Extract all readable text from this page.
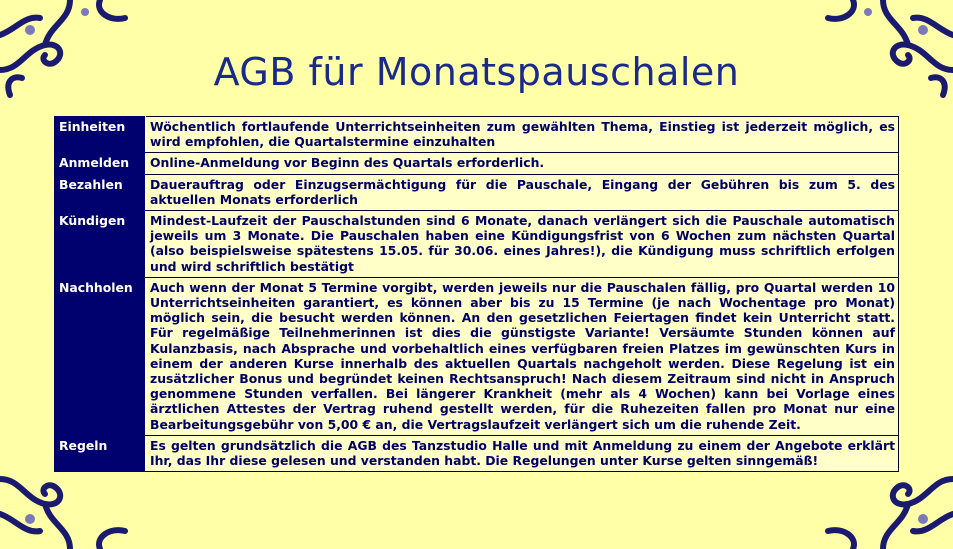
AGB für Monatspauschalen
Einheiten	Wöchentlich fortlaufende Unterrichtseinheiten zum gewählten Thema, Einstieg ist jederzeit möglich, es wird empfohlen, die Quartalstermine einzuhalten
Anmelden	Online-Anmeldung vor Beginn des Quartals erforderlich.
Bezahlen	Dauerauftrag oder Einzugsermächtigung für die Pauschale, Eingang der Gebühren bis zum 5. des aktuellen Monats erforderlich
Kündigen	Mindest-Laufzeit der Pauschalstunden sind 6 Monate, danach verlängert sich die Pauschale automatisch jeweils um 3 Monate. Die Pauschalen haben eine Kündigungsfrist von 6 Wochen zum nächsten Quartal (also beispielsweise spätestens 15.05. für 30.06. eines Jahres!), die Kündigung muss schriftlich erfolgen und wird schriftlich bestätigt
Nachholen	Auch wenn der Monat 5 Termine vorgibt, werden jeweils nur die Pauschalen fällig, pro Quartal werden 10 Unterrichtseinheiten garantiert, es können aber bis zu 15 Termine (je nach Wochentage pro Monat) möglich sein, die besucht werden können. An den gesetzlichen Feiertagen findet kein Unterricht statt. Für regelmäßige Teilnehmerinnen ist dies die günstigste Variante! Versäumte Stunden können auf Kulanzbasis, nach Absprache und vorbehaltlich eines verfügbaren freien Platzes im gewünschten Kurs in einem der anderen Kurse innerhalb des aktuellen Quartals nachgeholt werden. Diese Regelung ist ein zusätzlicher Bonus und begründet keinen Rechtsanspruch! Nach diesem Zeitraum sind nicht in Anspruch genommene Stunden verfallen. Bei längerer Krankheit (mehr als 4 Wochen) kann bei Vorlage eines ärztlichen Attestes der Vertrag ruhend gestellt werden, für die Ruhezeiten fallen pro Monat nur eine Bearbeitungsgebühr von 5,00 € an, die Vertragslaufzeit verlängert sich um die ruhende Zeit.
Regeln	Es gelten grundsätzlich die AGB des Tanzstudio Halle und mit Anmeldung zu einem der Angebote erklärt Ihr, das Ihr diese gelesen und verstanden habt. Die Regelungen unter Kurse gelten sinngemäß!
